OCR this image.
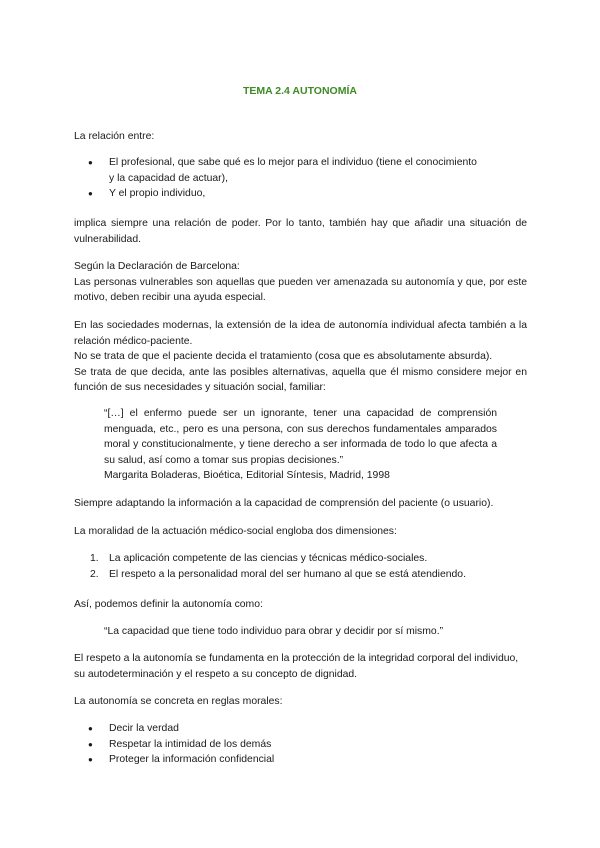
TEMA 2.4 AUTONOMÍA

La relación entre:

● El profesional, que sabe qué es lo mejor para el individuo (tiene el conocimiento y la capacidad de actuar),
● Y el propio individuo,

implica siempre una relación de poder. Por lo tanto, también hay que añadir una situación de vulnerabilidad.

Según la Declaración de Barcelona:

Las personas vulnerables son aquellas que pueden ver amenazada su autonomía y que, por este motivo, deben recibir una ayuda especial.

En las sociedades modernas, la extensión de la idea de autonomía individual afecta también a la relación médico-paciente.

No se trata de que el paciente decida el tratamiento (cosa que es absolutamente absurda).

Se trata de que decida, ante las posibles alternativas, aquella que él mismo considere mejor en función de sus necesidades y situación social, familiar:

“[…] el enfermo puede ser un ignorante, tener una capacidad de comprensión menguada, etc., pero es una persona, con sus derechos fundamentales amparados moral y constitucionalmente, y tiene derecho a ser informada de todo lo que afecta a su salud, así como a tomar sus propias decisiones.”

Margarita Boladeras, Bioética, Editorial Síntesis, Madrid, 1998

Siempre adaptando la información a la capacidad de comprensión del paciente (o usuario).

La moralidad de la actuación médico-social engloba dos dimensiones:

1. La aplicación competente de las ciencias y técnicas médico-sociales.
2. El respeto a la personalidad moral del ser humano al que se está atendiendo.

Así, podemos definir la autonomía como:

“La capacidad que tiene todo individuo para obrar y decidir por sí mismo.”

El respeto a la autonomía se fundamenta en la protección de la integridad corporal del individuo, su autodeterminación y el respeto a su concepto de dignidad.

La autonomía se concreta en reglas morales:

● Decir la verdad
● Respetar la intimidad de los demás
● Proteger la información confidencial
